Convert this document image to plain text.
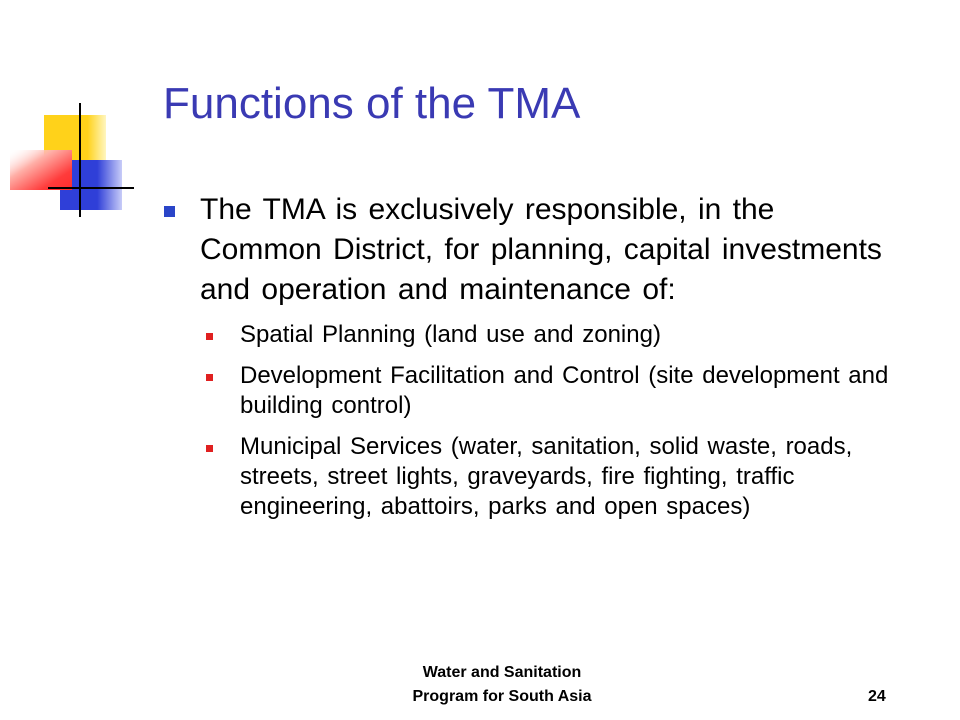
Functions of the TMA
The TMA is exclusively responsible, in the Common District, for planning, capital investments and operation and maintenance of:
Spatial Planning (land use and zoning)
Development Facilitation and Control (site development and building control)
Municipal Services (water, sanitation, solid waste, roads, streets, street lights, graveyards, fire fighting, traffic engineering, abattoirs, parks and open spaces)
Water and Sanitation
Program for South Asia	24
